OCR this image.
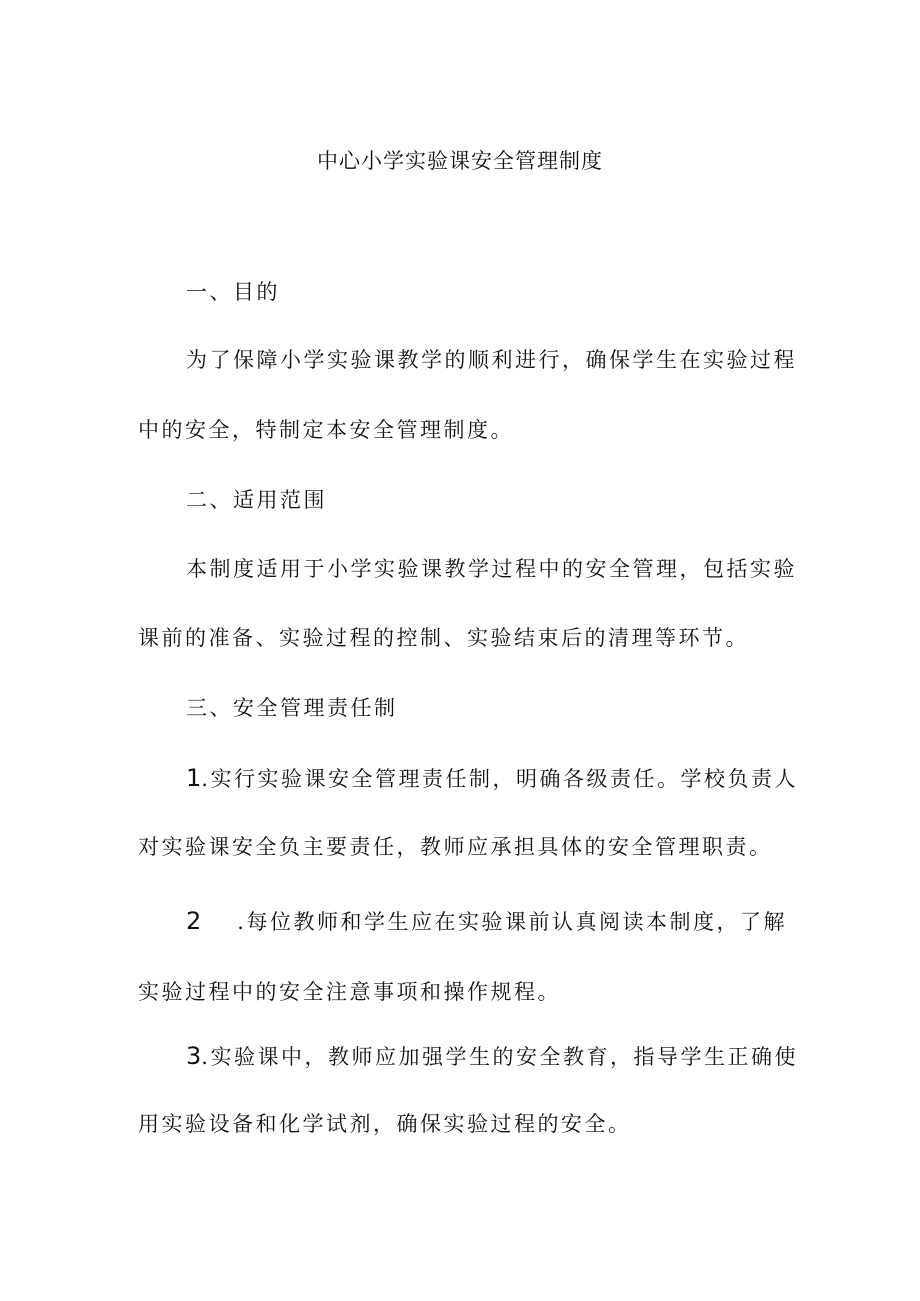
中心小学实验课安全管理制度
一、目的
为了保障小学实验课教学的顺利进行，确保学生在实验过程
中的安全，特制定本安全管理制度。
二、适用范围
本制度适用于小学实验课教学过程中的安全管理，包括实验
课前的准备、实验过程的控制、实验结束后的清理等环节。
三、安全管理责任制
1.实行实验课安全管理责任制，明确各级责任。学校负责人
对实验课安全负主要责任，教师应承担具体的安全管理职责。
2 .每位教师和学生应在实验课前认真阅读本制度，了解
实验过程中的安全注意事项和操作规程。
3.实验课中，教师应加强学生的安全教育，指导学生正确使
用实验设备和化学试剂，确保实验过程的安全。
